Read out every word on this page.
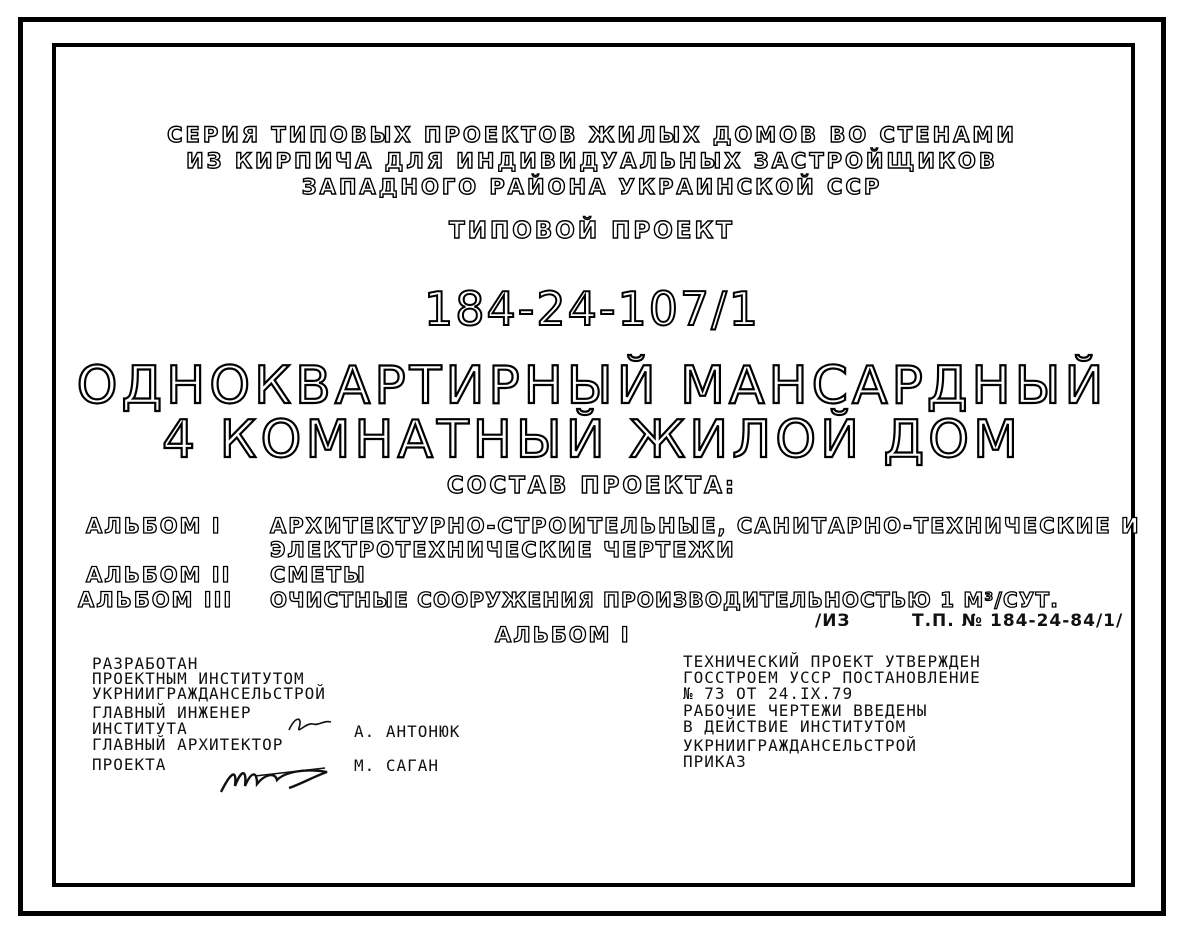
СЕРИЯ ТИПОВЫХ ПРОЕКТОВ ЖИЛЫХ ДОМОВ ВО СТЕНАМИ
ИЗ КИРПИЧА ДЛЯ ИНДИВИДУАЛЬНЫХ ЗАСТРОЙЩИКОВ
ЗАПАДНОГО РАЙОНА УКРАИНСКОЙ ССР
ТИПОВОЙ ПРОЕКТ
184-24-107/1
ОДНОКВАРТИРНЫЙ МАНСАРДНЫЙ
4 КОМНАТНЫЙ ЖИЛОЙ ДОМ
СОСТАВ ПРОЕКТА:
АЛЬБОМ I АРХИТЕКТУРНО-СТРОИТЕЛЬНЫЕ, САНИТАРНО-ТЕХНИЧЕСКИЕ И
ЭЛЕКТРОТЕХНИЧЕСКИЕ ЧЕРТЕЖИ
АЛЬБОМ II СМЕТЫ
АЛЬБОМ III ОЧИСТНЫЕ СООРУЖЕНИЯ ПРОИЗВОДИТЕЛЬНОСТЬЮ 1 М³/СУТ.
/ИЗ	Т.П. № 184-24-84/1/
АЛЬБОМ I
РАЗРАБОТАН
ПРОЕКТНЫМ ИНСТИТУТОМ
УКРНИИГРАЖДАНСЕЛЬСТРОЙ
ГЛАВНЫЙ ИНЖЕНЕР
ИНСТИТУТА
ГЛАВНЫЙ АРХИТЕКТОР
ПРОЕКТА
А. АНТОНЮК
М. САГАН
ТЕХНИЧЕСКИЙ ПРОЕКТ УТВЕРЖДЕН
ГОССТРОЕМ УССР ПОСТАНОВЛЕНИЕ
№ 73 ОТ 24.IX.79
РАБОЧИЕ ЧЕРТЕЖИ ВВЕДЕНЫ
В ДЕЙСТВИЕ ИНСТИТУТОМ
УКРНИИГРАЖДАНСЕЛЬСТРОЙ
ПРИКАЗ
